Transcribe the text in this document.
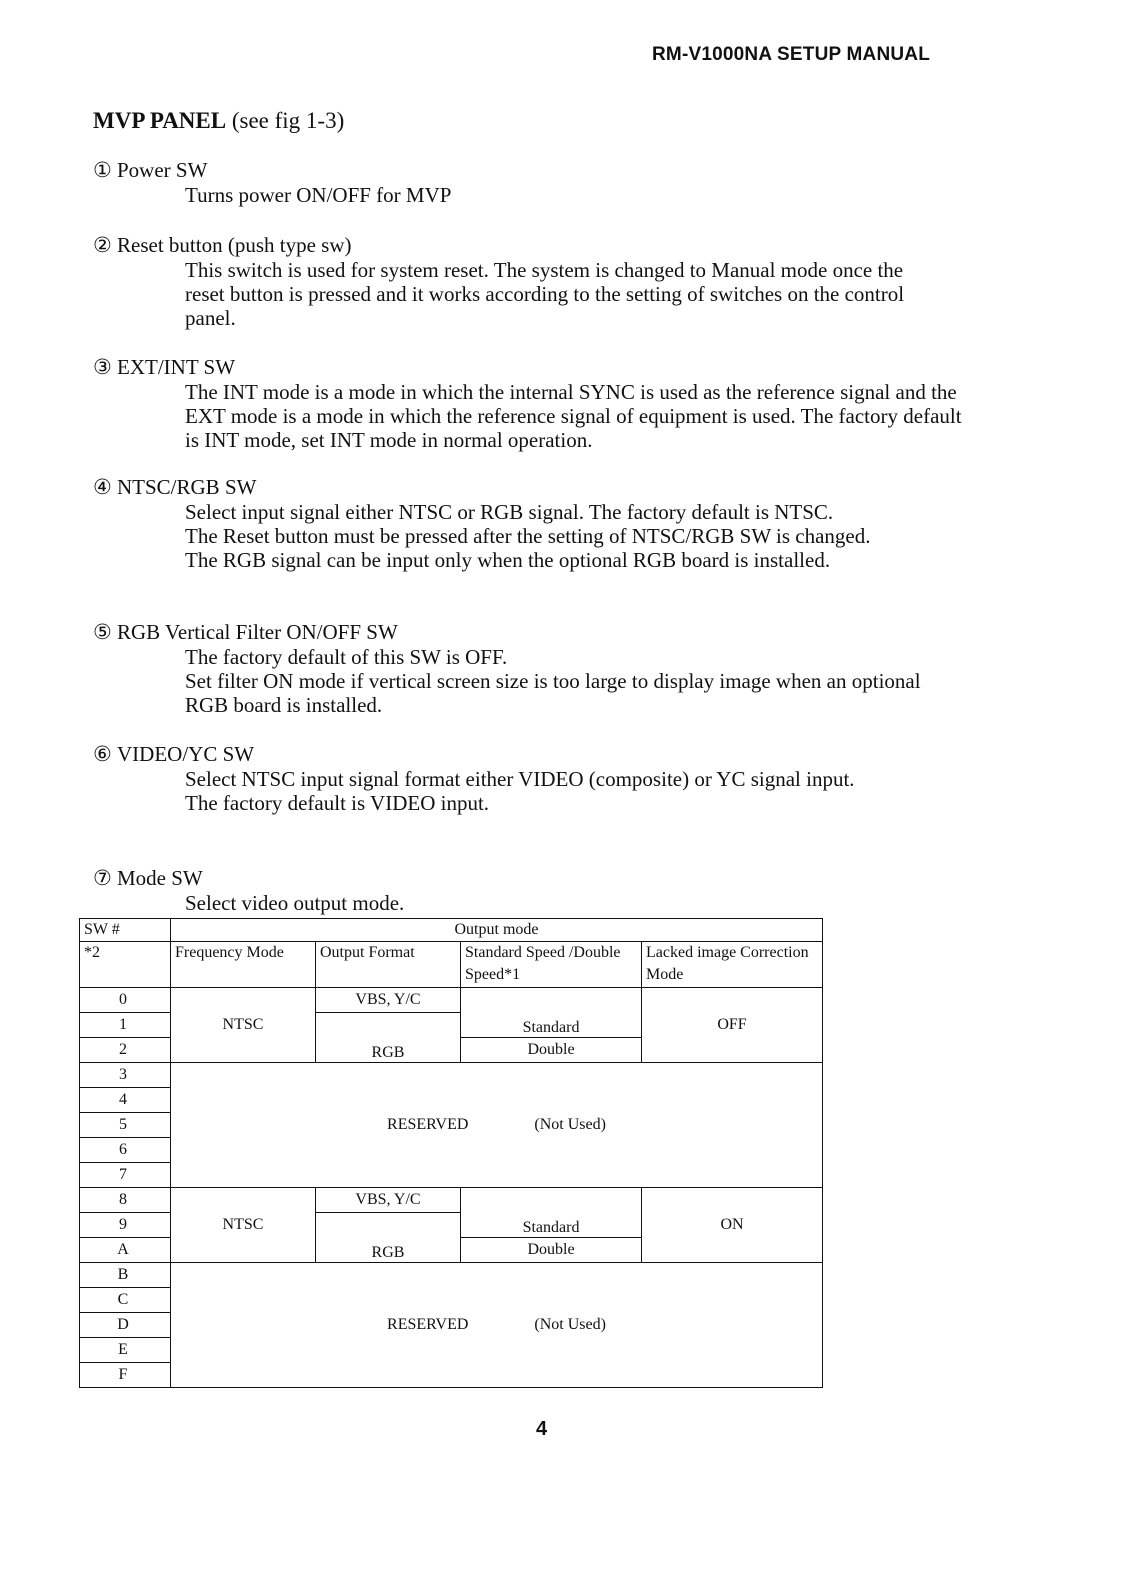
RM-V1000NA SETUP MANUAL
MVP PANEL (see fig 1-3)
① Power SW

Turns power ON/OFF for MVP

② Reset button (push type sw)

This switch is used for system reset. The system is changed to Manual mode once the reset button is pressed and it works according to the setting of switches on the control panel.

③ EXT/INT SW

The INT mode is a mode in which the internal SYNC is used as the reference signal and the EXT mode is a mode in which the reference signal of equipment is used. The factory default is INT mode, set INT mode in normal operation.

④ NTSC/RGB SW

Select input signal either NTSC or RGB signal. The factory default is NTSC.

The Reset button must be pressed after the setting of NTSC/RGB SW is changed.

The RGB signal can be input only when the optional RGB board is installed.

⑤ RGB Vertical Filter ON/OFF SW

The factory default of this SW is OFF.

Set filter ON mode if vertical screen size is too large to display image when an optional RGB board is installed.

⑥ VIDEO/YC SW

Select NTSC input signal format either VIDEO (composite) or YC signal input.

The factory default is VIDEO input.

⑦ Mode SW

Select video output mode.

SW #	Output mode			
*2	Frequency Mode	Output Format	Standard Speed /Double Speed*1	Lacked image Correction Mode
0	NTSC	VBS, Y/C	Standard	OFF
1		RGB		
2			Double	
3	RESERVED (Not Used)			
4				
5				
6				
7				
8	NTSC	VBS, Y/C	Standard	ON
9		RGB		
A			Double	
B	RESERVED (Not Used)			
C				
D				
E				
F				
4
